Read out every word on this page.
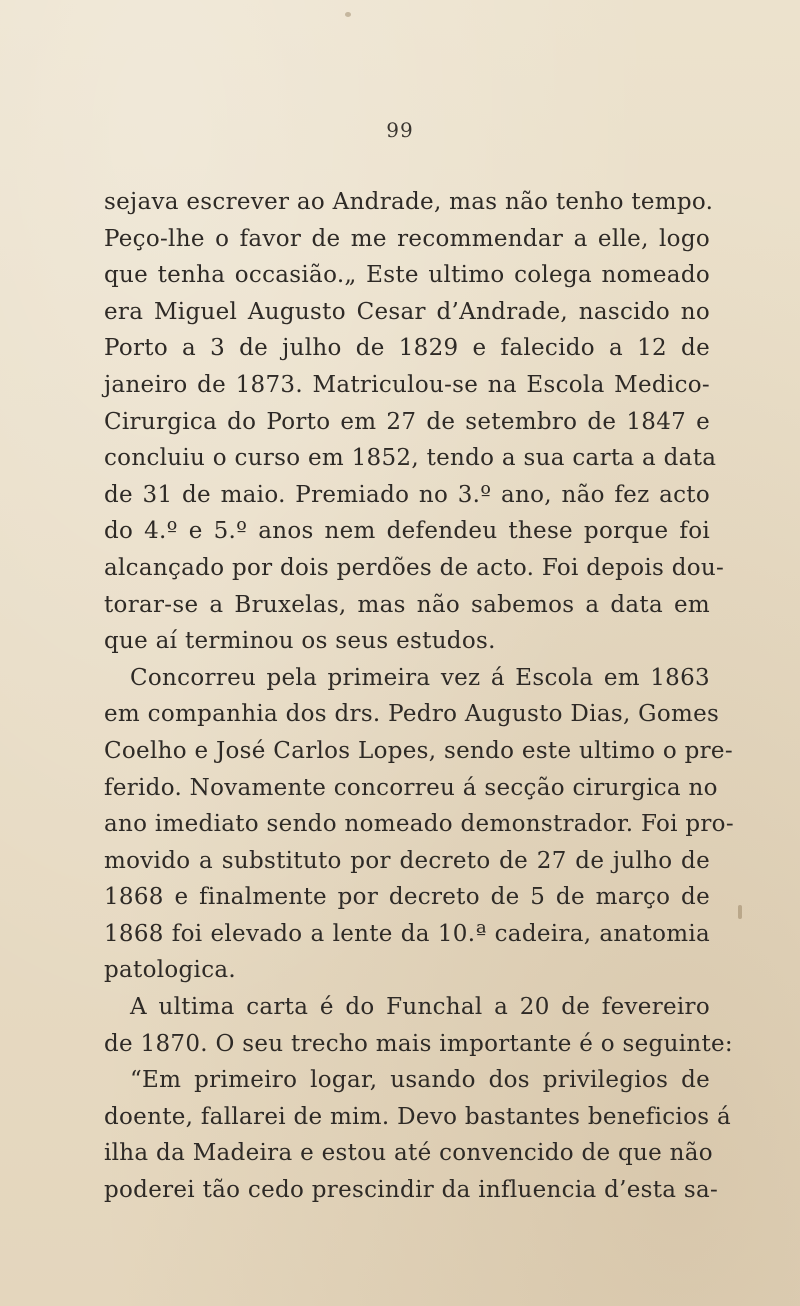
99
sejava escrever ao Andrade, mas não tenho tempo.
Peço-lhe o favor de me recommendar a elle, logo
que tenha occasião.„ Este ultimo colega nomeado
era Miguel Augusto Cesar d’Andrade, nascido no
Porto a 3 de julho de 1829 e falecido a 12 de
janeiro de 1873. Matriculou-se na Escola Medico-
Cirurgica do Porto em 27 de setembro de 1847 e
concluiu o curso em 1852, tendo a sua carta a data
de 31 de maio. Premiado no 3.º ano, não fez acto
do 4.º e 5.º anos nem defendeu these porque foi
alcançado por dois perdões de acto. Foi depois dou-
torar-se a Bruxelas, mas não sabemos a data em
que aí terminou os seus estudos.
Concorreu pela primeira vez á Escola em 1863
em companhia dos drs. Pedro Augusto Dias, Gomes
Coelho e José Carlos Lopes, sendo este ultimo o pre-
ferido. Novamente concorreu á secção cirurgica no
ano imediato sendo nomeado demonstrador. Foi pro-
movido a substituto por decreto de 27 de julho de
1868 e finalmente por decreto de 5 de março de
1868 foi elevado a lente da 10.ª cadeira, anatomia
patologica.
A ultima carta é do Funchal a 20 de fevereiro
de 1870. O seu trecho mais importante é o seguinte:
“Em primeiro logar, usando dos privilegios de
doente, fallarei de mim. Devo bastantes beneficios á
ilha da Madeira e estou até convencido de que não
poderei tão cedo prescindir da influencia d’esta sa-
